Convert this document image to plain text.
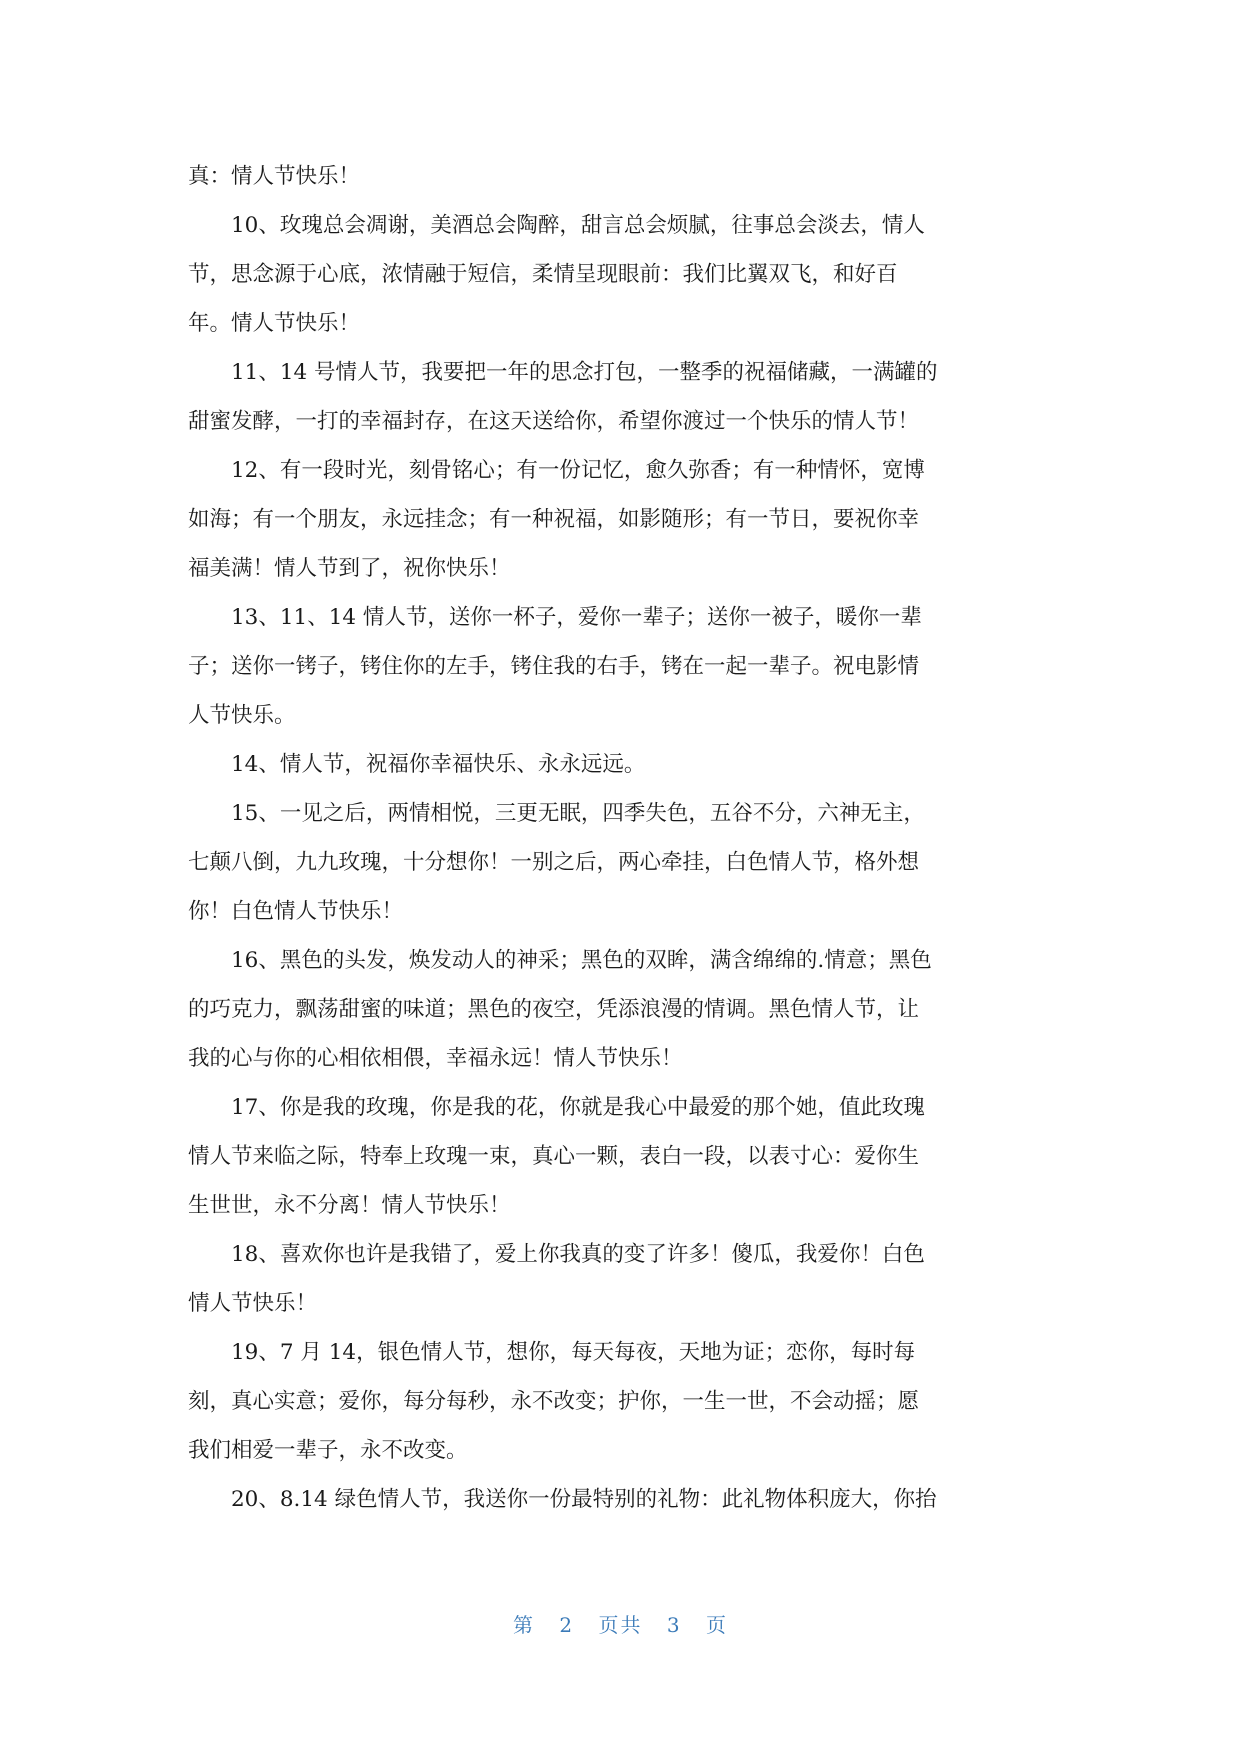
真：情人节快乐！
　　10、玫瑰总会凋谢，美酒总会陶醉，甜言总会烦腻，往事总会淡去，情人
节，思念源于心底，浓情融于短信，柔情呈现眼前：我们比翼双飞，和好百
年。情人节快乐！
　　11、14 号情人节，我要把一年的思念打包，一整季的祝福储藏，一满罐的
甜蜜发酵，一打的幸福封存，在这天送给你，希望你渡过一个快乐的情人节！
　　12、有一段时光，刻骨铭心；有一份记忆，愈久弥香；有一种情怀，宽博
如海；有一个朋友，永远挂念；有一种祝福，如影随形；有一节日，要祝你幸
福美满！情人节到了，祝你快乐！
　　13、11、14 情人节，送你一杯子，爱你一辈子；送你一被子，暖你一辈
子；送你一铐子，铐住你的左手，铐住我的右手，铐在一起一辈子。祝电影情
人节快乐。
　　14、情人节，祝福你幸福快乐、永永远远。
　　15、一见之后，两情相悦，三更无眠，四季失色，五谷不分，六神无主，
七颠八倒，九九玫瑰，十分想你！一别之后，两心牵挂，白色情人节，格外想
你！白色情人节快乐！
　　16、黑色的头发，焕发动人的神采；黑色的双眸，满含绵绵的.情意；黑色
的巧克力，飘荡甜蜜的味道；黑色的夜空，凭添浪漫的情调。黑色情人节，让
我的心与你的心相依相偎，幸福永远！情人节快乐！
　　17、你是我的玫瑰，你是我的花，你就是我心中最爱的那个她，值此玫瑰
情人节来临之际，特奉上玫瑰一束，真心一颗，表白一段，以表寸心：爱你生
生世世，永不分离！情人节快乐！
　　18、喜欢你也许是我错了，爱上你我真的变了许多！傻瓜，我爱你！白色
情人节快乐！
　　19、7 月 14，银色情人节，想你，每天每夜，天地为证；恋你，每时每
刻，真心实意；爱你，每分每秒，永不改变；护你，一生一世，不会动摇；愿
我们相爱一辈子，永不改变。
　　20、8.14 绿色情人节，我送你一份最特别的礼物：此礼物体积庞大，你抬
第 2 页共 3 页
